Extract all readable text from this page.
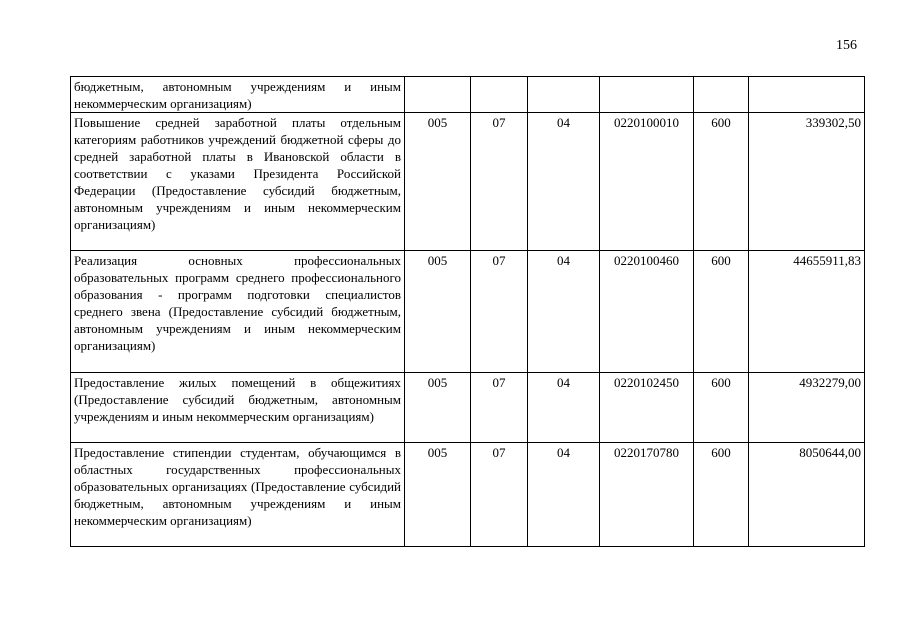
156
бюджетным, автономным учреждениям и иным некоммерческим организациям)						
Повышение средней заработной платы отдельным категориям работников учреждений бюджетной сферы до средней заработной платы в Ивановской области в соответствии с указами Президента Российской Федерации (Предоставление субсидий бюджетным, автономным учреждениям и иным некоммерческим организациям)	005	07	04	0220100010	600	339302,50
Реализация основных профессиональных образовательных программ среднего профессионального образования - программ подготовки специалистов среднего звена (Предоставление субсидий бюджетным, автономным учреждениям и иным некоммерческим организациям)	005	07	04	0220100460	600	44655911,83
Предоставление жилых помещений в общежитиях (Предоставление субсидий бюджетным, автономным учреждениям и иным некоммерческим организациям)	005	07	04	0220102450	600	4932279,00
Предоставление стипендии студентам, обучающимся в областных государственных профессиональных образовательных организациях (Предоставление субсидий бюджетным, автономным учреждениям и иным некоммерческим организациям)	005	07	04	0220170780	600	8050644,00
